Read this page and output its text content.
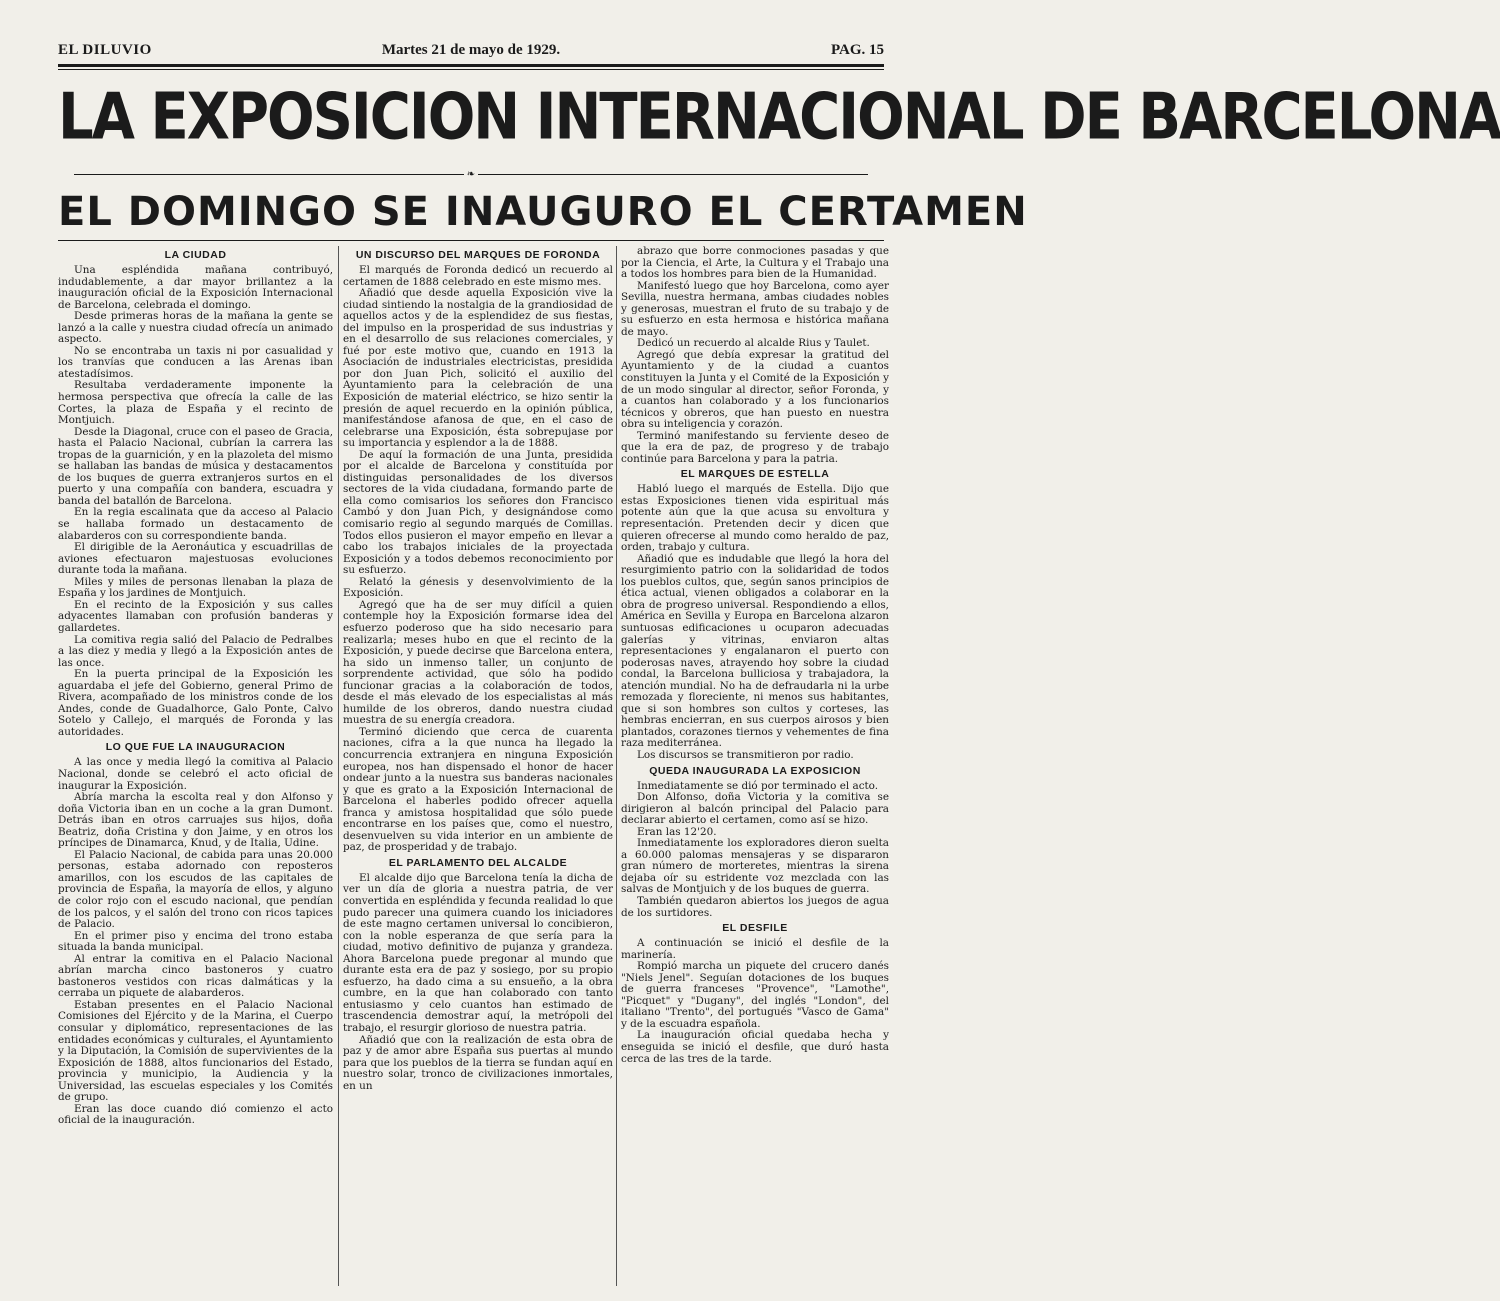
EL DILUVIO	Martes 21 de mayo de 1929.	PAG. 15
LA EXPOSICION INTERNACIONAL DE BARCELONA
❧
EL DOMINGO SE INAUGURO EL CERTAMEN
LA CIUDAD

Una espléndida mañana contribuyó, indudablemente, a dar mayor brillantez a la inauguración oficial de la Exposición Internacional de Barcelona, celebrada el domingo.

Desde primeras horas de la mañana la gente se lanzó a la calle y nuestra ciudad ofrecía un animado aspecto.

No se encontraba un taxis ni por casualidad y los tranvías que conducen a las Arenas iban atestadísimos.

Resultaba verdaderamente imponente la hermosa perspectiva que ofrecía la calle de las Cortes, la plaza de España y el recinto de Montjuich.

Desde la Diagonal, cruce con el paseo de Gracia, hasta el Palacio Nacional, cubrían la carrera las tropas de la guarnición, y en la plazoleta del mismo se hallaban las bandas de música y destacamentos de los buques de guerra extranjeros surtos en el puerto y una compañía con bandera, escuadra y banda del batallón de Barcelona.

En la regia escalinata que da acceso al Palacio se hallaba formado un destacamento de alabarderos con su correspondiente banda.

El dirigible de la Aeronáutica y escuadrillas de aviones efectuaron majestuosas evoluciones durante toda la mañana.

Miles y miles de personas llenaban la plaza de España y los jardines de Montjuich.

En el recinto de la Exposición y sus calles adyacentes llamaban con profusión banderas y gallardetes.

La comitiva regia salió del Palacio de Pedralbes a las diez y media y llegó a la Exposición antes de las once.

En la puerta principal de la Exposición les aguardaba el jefe del Gobierno, general Primo de Rivera, acompañado de los ministros conde de los Andes, conde de Guadalhorce, Galo Ponte, Calvo Sotelo y Callejo, el marqués de Foronda y las autoridades.

LO QUE FUE LA INAUGURACION

A las once y media llegó la comitiva al Palacio Nacional, donde se celebró el acto oficial de inaugurar la Exposición.

Abría marcha la escolta real y don Alfonso y doña Victoria iban en un coche a la gran Dumont. Detrás iban en otros carruajes sus hijos, doña Beatriz, doña Cristina y don Jaime, y en otros los príncipes de Dinamarca, Knud, y de Italia, Udine.

El Palacio Nacional, de cabida para unas 20.000 personas, estaba adornado con reposteros amarillos, con los escudos de las capitales de provincia de España, la mayoría de ellos, y alguno de color rojo con el escudo nacional, que pendían de los palcos, y el salón del trono con ricos tapices de Palacio.

En el primer piso y encima del trono estaba situada la banda municipal.

Al entrar la comitiva en el Palacio Nacional abrían marcha cinco bastoneros y cuatro bastoneros vestidos con ricas dalmáticas y la cerraba un piquete de alabarderos.

Estaban presentes en el Palacio Nacional Comisiones del Ejército y de la Marina, el Cuerpo consular y diplomático, representaciones de las entidades económicas y culturales, el Ayuntamiento y la Diputación, la Comisión de supervivientes de la Exposición de 1888, altos funcionarios del Estado, provincia y municipio, la Audiencia y la Universidad, las escuelas especiales y los Comités de grupo.

Eran las doce cuando dió comienzo el acto oficial de la inauguración.

UN DISCURSO DEL MARQUES DE FORONDA

El marqués de Foronda dedicó un recuerdo al certamen de 1888 celebrado en este mismo mes.

Añadió que desde aquella Exposición vive la ciudad sintiendo la nostalgia de la grandiosidad de aquellos actos y de la esplendidez de sus fiestas, del impulso en la prosperidad de sus industrias y en el desarrollo de sus relaciones comerciales, y fué por este motivo que, cuando en 1913 la Asociación de industriales electricistas, presidida por don Juan Pich, solicitó el auxilio del Ayuntamiento para la celebración de una Exposición de material eléctrico, se hizo sentir la presión de aquel recuerdo en la opinión pública, manifestándose afanosa de que, en el caso de celebrarse una Exposición, ésta sobrepujase por su importancia y esplendor a la de 1888.

De aquí la formación de una Junta, presidida por el alcalde de Barcelona y constituída por distinguidas personalidades de los diversos sectores de la vida ciudadana, formando parte de ella como comisarios los señores don Francisco Cambó y don Juan Pich, y designándose como comisario regio al segundo marqués de Comillas. Todos ellos pusieron el mayor empeño en llevar a cabo los trabajos iniciales de la proyectada Exposición y a todos debemos reconocimiento por su esfuerzo.

Relató la génesis y desenvolvimiento de la Exposición.

Agregó que ha de ser muy difícil a quien contemple hoy la Exposición formarse idea del esfuerzo poderoso que ha sido necesario para realizarla; meses hubo en que el recinto de la Exposición, y puede decirse que Barcelona entera, ha sido un inmenso taller, un conjunto de sorprendente actividad, que sólo ha podido funcionar gracias a la colaboración de todos, desde el más elevado de los especialistas al más humilde de los obreros, dando nuestra ciudad muestra de su energía creadora.

Terminó diciendo que cerca de cuarenta naciones, cifra a la que nunca ha llegado la concurrencia extranjera en ninguna Exposición europea, nos han dispensado el honor de hacer ondear junto a la nuestra sus banderas nacionales y que es grato a la Exposición Internacional de Barcelona el haberles podido ofrecer aquella franca y amistosa hospitalidad que sólo puede encontrarse en los países que, como el nuestro, desenvuelven su vida interior en un ambiente de paz, de prosperidad y de trabajo.

EL PARLAMENTO DEL ALCALDE

El alcalde dijo que Barcelona tenía la dicha de ver un día de gloria a nuestra patria, de ver convertida en espléndida y fecunda realidad lo que pudo parecer una quimera cuando los iniciadores de este magno certamen universal lo concibieron, con la noble esperanza de que sería para la ciudad, motivo definitivo de pujanza y grandeza. Ahora Barcelona puede pregonar al mundo que durante esta era de paz y sosiego, por su propio esfuerzo, ha dado cima a su ensueño, a la obra cumbre, en la que han colaborado con tanto entusiasmo y celo cuantos han estimado de trascendencia demostrar aquí, la metrópoli del trabajo, el resurgir glorioso de nuestra patria.

Añadió que con la realización de esta obra de paz y de amor abre España sus puertas al mundo para que los pueblos de la tierra se fundan aquí en nuestro solar, tronco de civilizaciones inmortales, en un

abrazo que borre conmociones pasadas y que por la Ciencia, el Arte, la Cultura y el Trabajo una a todos los hombres para bien de la Humanidad.

Manifestó luego que hoy Barcelona, como ayer Sevilla, nuestra hermana, ambas ciudades nobles y generosas, muestran el fruto de su trabajo y de su esfuerzo en esta hermosa e histórica mañana de mayo.

Dedicó un recuerdo al alcalde Rius y Taulet.

Agregó que debía expresar la gratitud del Ayuntamiento y de la ciudad a cuantos constituyen la Junta y el Comité de la Exposición y de un modo singular al director, señor Foronda, y a cuantos han colaborado y a los funcionarios técnicos y obreros, que han puesto en nuestra obra su inteligencia y corazón.

Terminó manifestando su ferviente deseo de que la era de paz, de progreso y de trabajo continúe para Barcelona y para la patria.

EL MARQUES DE ESTELLA

Habló luego el marqués de Estella. Dijo que estas Exposiciones tienen vida espiritual más potente aún que la que acusa su envoltura y representación. Pretenden decir y dicen que quieren ofrecerse al mundo como heraldo de paz, orden, trabajo y cultura.

Añadió que es indudable que llegó la hora del resurgimiento patrio con la solidaridad de todos los pueblos cultos, que, según sanos principios de ética actual, vienen obligados a colaborar en la obra de progreso universal. Respondiendo a ellos, América en Sevilla y Europa en Barcelona alzaron suntuosas edificaciones u ocuparon adecuadas galerías y vitrinas, enviaron altas representaciones y engalanaron el puerto con poderosas naves, atrayendo hoy sobre la ciudad condal, la Barcelona bulliciosa y trabajadora, la atención mundial. No ha de defraudarla ni la urbe remozada y floreciente, ni menos sus habitantes, que si son hombres son cultos y corteses, las hembras encierran, en sus cuerpos airosos y bien plantados, corazones tiernos y vehementes de fina raza mediterránea.

Los discursos se transmitieron por radio.

QUEDA INAUGURADA LA EXPOSICION

Inmediatamente se dió por terminado el acto.

Don Alfonso, doña Victoria y la comitiva se dirigieron al balcón principal del Palacio para declarar abierto el certamen, como así se hizo.

Eran las 12'20.

Inmediatamente los exploradores dieron suelta a 60.000 palomas mensajeras y se dispararon gran número de morteretes, mientras la sirena dejaba oír su estridente voz mezclada con las salvas de Montjuich y de los buques de guerra.

También quedaron abiertos los juegos de agua de los surtidores.

EL DESFILE

A continuación se inició el desfile de la marinería.

Rompió marcha un piquete del crucero danés "Niels Jenel". Seguían dotaciones de los buques de guerra franceses "Provence", "Lamothe", "Picquet" y "Dugany", del inglés "London", del italiano "Trento", del portugués "Vasco de Gama" y de la escuadra española.

La inauguración oficial quedaba hecha y enseguida se inició el desfile, que duró hasta cerca de las tres de la tarde.
